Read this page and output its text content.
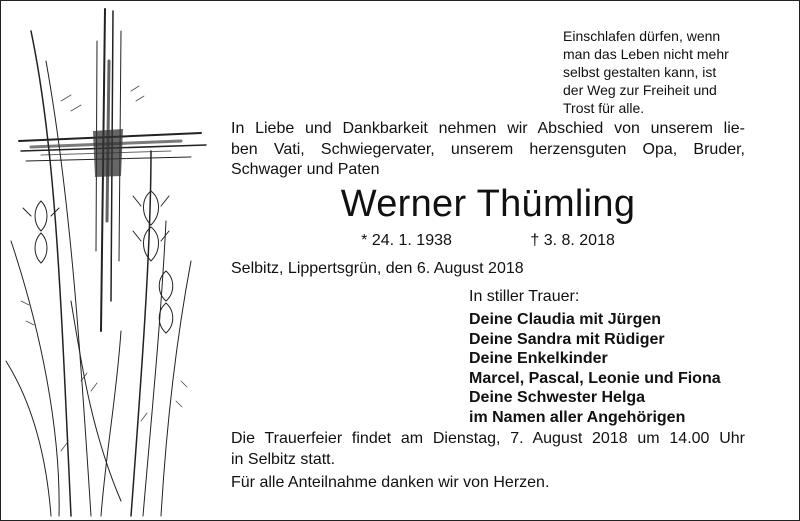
Einschlafen dürfen, wenn
man das Leben nicht mehr
selbst gestalten kann, ist
der Weg zur Freiheit und
Trost für alle.
In Liebe und Dankbarkeit nehmen wir Abschied von unserem lie-
ben Vati, Schwiegervater, unserem herzensguten Opa, Bruder,
Schwager und Paten
Werner Thümling
* 24. 1. 1938	† 3. 8. 2018
Selbitz, Lippertsgrün, den 6. August 2018
In stiller Trauer:
Deine Claudia mit Jürgen
Deine Sandra mit Rüdiger
Deine Enkelkinder
Marcel, Pascal, Leonie und Fiona
Deine Schwester Helga
im Namen aller Angehörigen
Die Trauerfeier findet am Dienstag, 7. August 2018 um 14.00 Uhr
in Selbitz statt.
Für alle Anteilnahme danken wir von Herzen.
